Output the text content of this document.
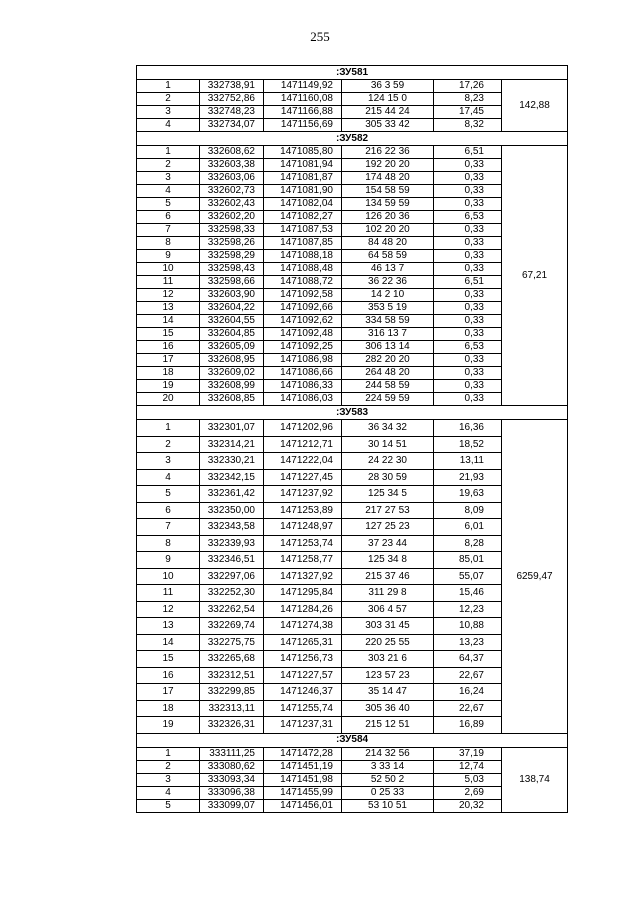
255
:ЗУ581					
1	332738,91	1471149,92	36 3 59	17,26	142,88
2	332752,86	1471160,08	124 15 0	8,23	
3	332748,23	1471166,88	215 44 24	17,45	
4	332734,07	1471156,69	305 33 42	8,32	
:ЗУ582					
1	332608,62	1471085,80	216 22 36	6,51	67,21
2	332603,38	1471081,94	192 20 20	0,33	
3	332603,06	1471081,87	174 48 20	0,33	
4	332602,73	1471081,90	154 58 59	0,33	
5	332602,43	1471082,04	134 59 59	0,33	
6	332602,20	1471082,27	126 20 36	6,53	
7	332598,33	1471087,53	102 20 20	0,33	
8	332598,26	1471087,85	84 48 20	0,33	
9	332598,29	1471088,18	64 58 59	0,33	
10	332598,43	1471088,48	46 13 7	0,33	
11	332598,66	1471088,72	36 22 36	6,51	
12	332603,90	1471092,58	14 2 10	0,33	
13	332604,22	1471092,66	353 5 19	0,33	
14	332604,55	1471092,62	334 58 59	0,33	
15	332604,85	1471092,48	316 13 7	0,33	
16	332605,09	1471092,25	306 13 14	6,53	
17	332608,95	1471086,98	282 20 20	0,33	
18	332609,02	1471086,66	264 48 20	0,33	
19	332608,99	1471086,33	244 58 59	0,33	
20	332608,85	1471086,03	224 59 59	0,33	
:ЗУ583					
1	332301,07	1471202,96	36 34 32	16,36	6259,47
2	332314,21	1471212,71	30 14 51	18,52	
3	332330,21	1471222,04	24 22 30	13,11	
4	332342,15	1471227,45	28 30 59	21,93	
5	332361,42	1471237,92	125 34 5	19,63	
6	332350,00	1471253,89	217 27 53	8,09	
7	332343,58	1471248,97	127 25 23	6,01	
8	332339,93	1471253,74	37 23 44	8,28	
9	332346,51	1471258,77	125 34 8	85,01	
10	332297,06	1471327,92	215 37 46	55,07	
11	332252,30	1471295,84	311 29 8	15,46	
12	332262,54	1471284,26	306 4 57	12,23	
13	332269,74	1471274,38	303 31 45	10,88	
14	332275,75	1471265,31	220 25 55	13,23	
15	332265,68	1471256,73	303 21 6	64,37	
16	332312,51	1471227,57	123 57 23	22,67	
17	332299,85	1471246,37	35 14 47	16,24	
18	332313,11	1471255,74	305 36 40	22,67	
19	332326,31	1471237,31	215 12 51	16,89	
:ЗУ584					
1	333111,25	1471472,28	214 32 56	37,19	138,74
2	333080,62	1471451,19	3 33 14	12,74	
3	333093,34	1471451,98	52 50 2	5,03	
4	333096,38	1471455,99	0 25 33	2,69	
5	333099,07	1471456,01	53 10 51	20,32	
